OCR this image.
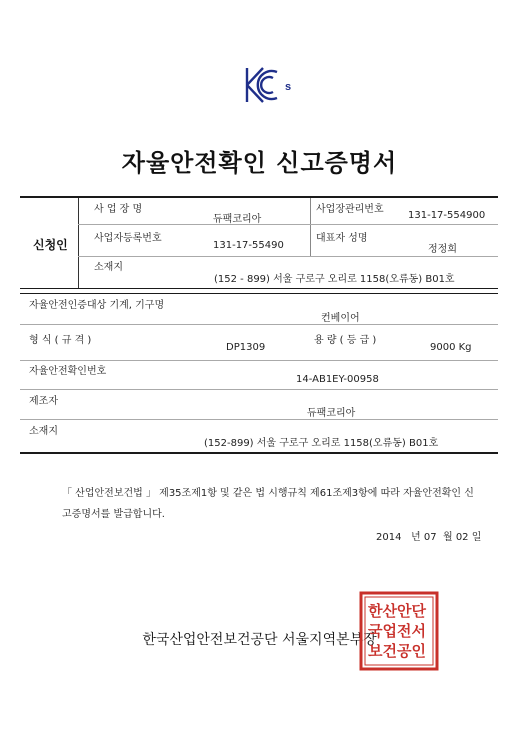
s
자율안전확인 신고증명서
신청인
사 업 장 명
듀팩코리아
사업장관리번호
131-17-554900
사업자등록번호
131-17-55490
대표자 성명
정정희
소재지
(152 - 899) 서울 구로구 오리로 1158(오류동) B01호
자율안전인증대상 기계, 기구명
컨베이어
형 식 ( 규 격 )
DP1309
용 량 ( 등 급 )
9000 Kg
자율안전확인번호
14-AB1EY-00958
제조자
듀팩코리아
소재지
(152-899) 서울 구로구 오리로 1158(오류동) B01호
「 산업안전보건법 」 제35조제1항 및 같은 법 시행규칙 제61조제3항에 따라 자율안전확인 신고증명서를 발급합니다.
2014 년 07 월 02 일
한국산업안전보건공단 서울지역본부장
한산안단
국업전서
보건공인
